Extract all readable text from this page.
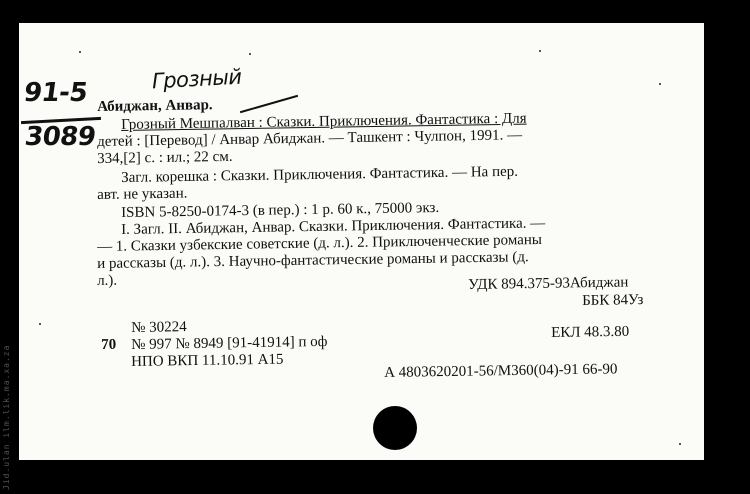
91-5
3089
Грозный
Абиджан, Анвар.
Грозный Мешпалван : Сказки. Приключения. Фантастика : Для
детей : [Перевод] / Анвар Абиджан. — Ташкент : Чулпон, 1991. —
334,[2] с. : ил.; 22 см.
Загл. корешка : Сказки. Приключения. Фантастика. — На пер.
авт. не указан.
ISBN 5-8250-0174-3 (в пер.) : 1 р. 60 к., 75000 экз.
I. Загл. II. Абиджан, Анвар. Сказки. Приключения. Фантастика. —
— 1. Сказки узбекские советские (д. л.). 2. Приключенческие романы
и рассказы (д. л.). 3. Научно-фантастические романы и рассказы (д.
л.).	УДК 894.375-93Абиджан
ББК 84Уз
№ 30224	ЕКЛ 48.3.80
70 № 997 № 8949 [91-41914] п оф
НПО ВКП 11.10.91 А15
А 4803620201-56/М360(04)-91 66-90
Jid.ulan ilm.lik.ma.xa.za
